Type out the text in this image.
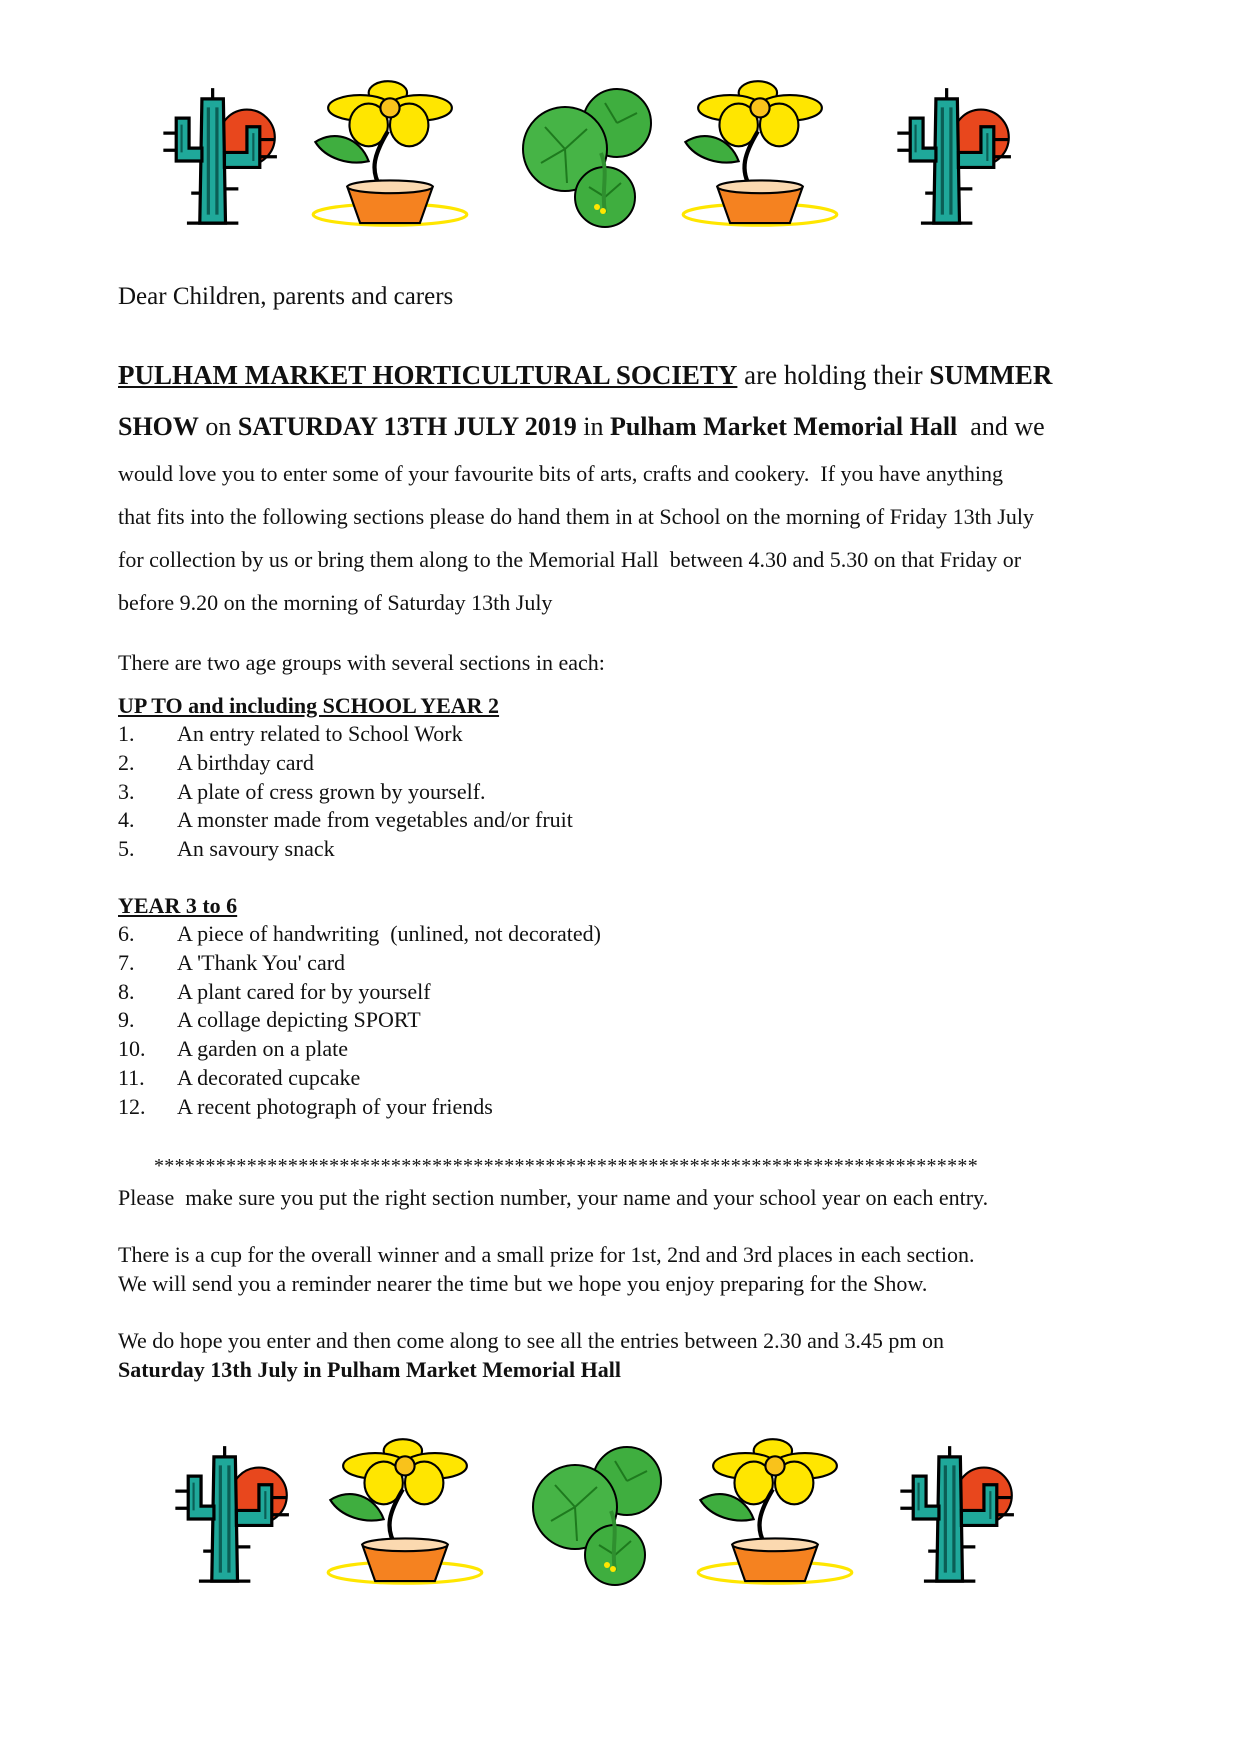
Dear Children, parents and carers
PULHAM MARKET HORTICULTURAL SOCIETY are holding their SUMMER
SHOW on SATURDAY 13TH JULY 2019 in Pulham Market Memorial Hall  and we
would love you to enter some of your favourite bits of arts, crafts and cookery.  If you have anything
that fits into the following sections please do hand them in at School on the morning of Friday 13th July
for collection by us or bring them along to the Memorial Hall  between 4.30 and 5.30 on that Friday or
before 9.20 on the morning of Saturday 13th July
There are two age groups with several sections in each:
UP TO and including SCHOOL YEAR 2
1. An entry related to School Work
2. A birthday card
3. A plate of cress grown by yourself.
4. A monster made from vegetables and/or fruit
5. An savoury snack
YEAR 3 to 6
6. A piece of handwriting  (unlined, not decorated)
7. A 'Thank You' card
8. A plant cared for by yourself
9. A collage depicting SPORT
10. A garden on a plate
11. A decorated cupcake
12. A recent photograph of your friends
********************************************************************************

Please  make sure you put the right section number, your name and your school year on each entry.

There is a cup for the overall winner and a small prize for 1st, 2nd and 3rd places in each section.
We will send you a reminder nearer the time but we hope you enjoy preparing for the Show.

We do hope you enter and then come along to see all the entries between 2.30 and 3.45 pm on
Saturday 13th July in Pulham Market Memorial Hall
